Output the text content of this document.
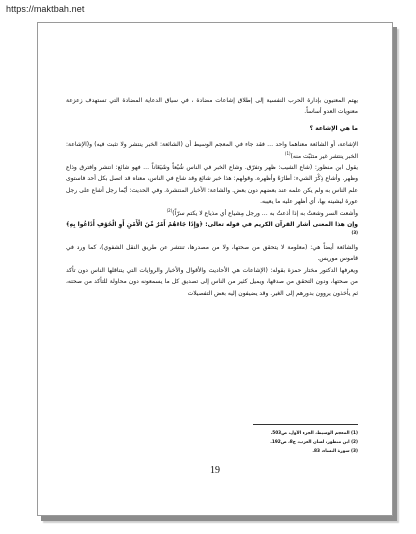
https://maktbah.net

يهتم المعنيون بإدارة الحرب النفسية إلى إطلاق إشاعات مضادة ، في سياق الدعاية المضادة التي تستهدف زعزعة معنويات العدو أساساً.

ما هي الإشاعة ؟

الإشاعة، أو الشائعة معناهما واحد … فقد جاء في المعجم الوسيط أن (الشائعة: الخبر ينتشر ولا تثبت فيه) و(الإشاعة: الخبر ينتشر غير متثبّت منه)$^{(1)}$

يقول ابن منظور: (شاع الشيب: ظهر وتفرّق. وشاع الخبر في الناس شُيُعاً وشَيَعَاناً … فهو شائع: انتشر وافترق وذاع وظهر. وأشاع ذِكْرَ الشيء: أطارَهُ وأظهره. وقولهم: هذا خبر شائع وقد شاع في الناس، معناه قد اتصل بكل أحد فاستوى علم الناس به ولم يكن علمه عند بعضهم دون بعض. والشاعة: الأخبار المنتشرة. وفي الحديث: أيّما رجل أشاع على رجل عورة ليشينه بها، أي أظهر عليه ما يعيبه.

وأشعت السر وشعتُ به إذا أذعتُ به … ورجل مِشياع أي مذياع لا يكتم سرّاً)$^{(2)}$

وإن هذا المعنى أشار القرآن الكريم في قوله تعالى: ﴿وَإِذَا جَاءَهُمْ أَمْرٌ مِّنَ الْأَمْنِ أَوِ الْخَوْفِ أَذَاعُوا بِهِ﴾$^{(3)}$

والشائعة أيضاً هي: (معلومة لا يتحقق من صحتها، ولا من مصدرها، تنتشر عن طريق النقل الشفوي)، كما ورد في قاموس موريس.

ويعرفها الدكتور مختار حمزة بقوله: (الإشاعات هي الأحاديث والأقوال والأخبار والروايات التي يتناقلها الناس دون تأكد من صحتها، ودون التحقق من صدقها، ويميل كثير من الناس إلى تصديق كل ما يسمعونه دون محاولة للتأكد من صحته، ثم يأخذون يروون بدورهم إلى الغير. وقد يضيفون إليه بعض التفصيلات

(1) المعجم الوسيط، الجزء الأول، ص503.
(2) ابن منظور، لسان العرب، ج8، ص192.
(3) سورة النساء، 83.
19
